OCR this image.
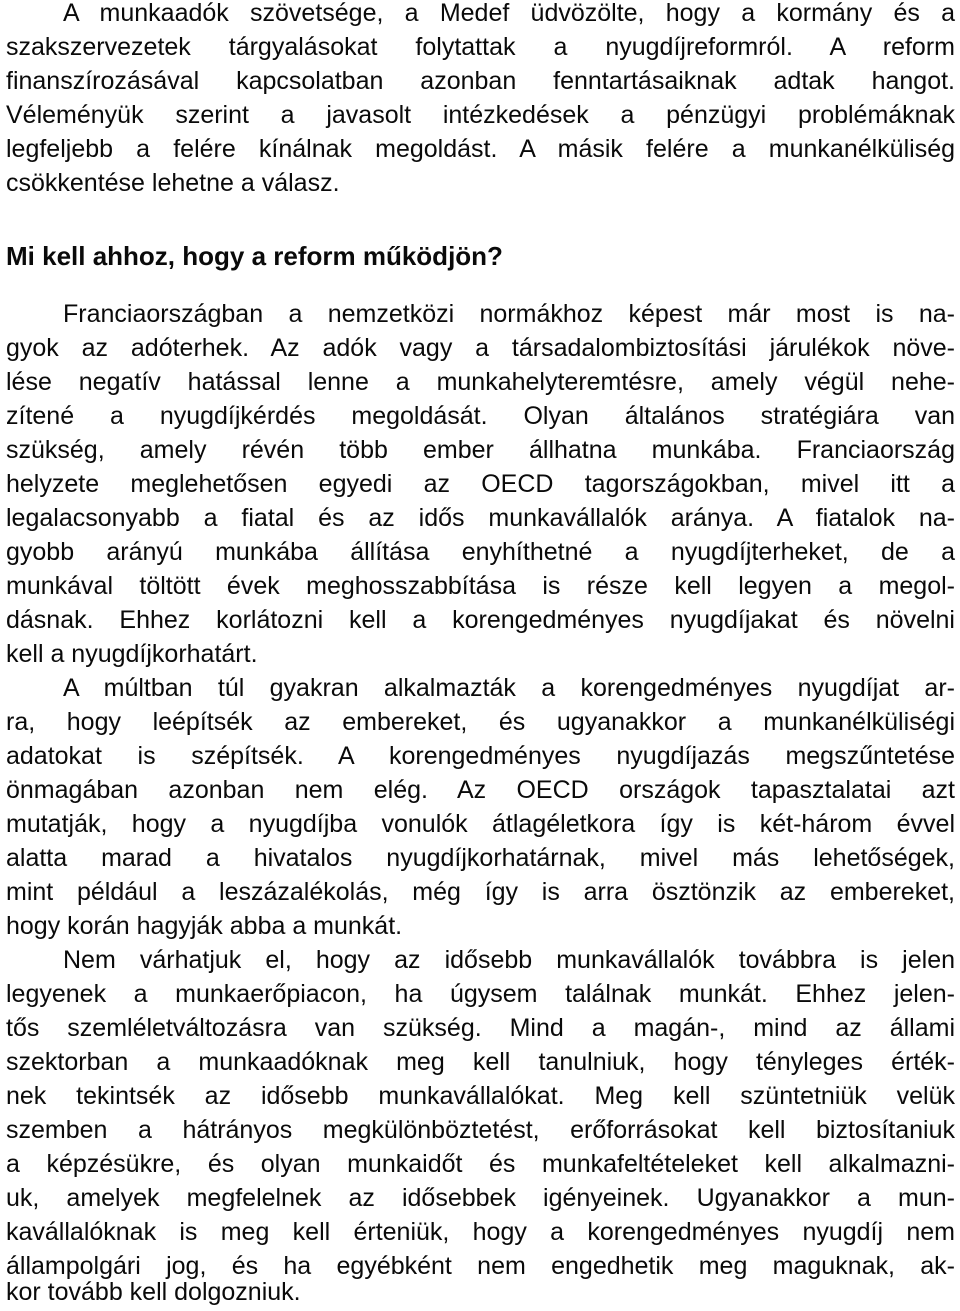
A munkaadók szövetsége, a Medef üdvözölte, hogy a kormány és a
szakszervezetek tárgyalásokat folytattak a nyugdíjreformról. A reform
finanszírozásával kapcsolatban azonban fenntartásaiknak adtak hangot.
Véleményük szerint a javasolt intézkedések a pénzügyi problémáknak
legfeljebb a felére kínálnak megoldást. A másik felére a munkanélküliség
csökkentése lehetne a válasz.
Mi kell ahhoz, hogy a reform működjön?
Franciaországban a nemzetközi normákhoz képest már most is na-
gyok az adóterhek. Az adók vagy a társadalombiztosítási járulékok növe-
lése negatív hatással lenne a munkahelyteremtésre, amely végül nehe-
zítené a nyugdíjkérdés megoldását. Olyan általános stratégiára van
szükség, amely révén több ember állhatna munkába. Franciaország
helyzete meglehetősen egyedi az OECD tagországokban, mivel itt a
legalacsonyabb a fiatal és az idős munkavállalók aránya. A fiatalok na-
gyobb arányú munkába állítása enyhíthetné a nyugdíjterheket, de a
munkával töltött évek meghosszabbítása is része kell legyen a megol-
dásnak. Ehhez korlátozni kell a korengedményes nyugdíjakat és növelni
kell a nyugdíjkorhatárt.
A múltban túl gyakran alkalmazták a korengedményes nyugdíjat ar-
ra, hogy leépítsék az embereket, és ugyanakkor a munkanélküliségi
adatokat is szépítsék. A korengedményes nyugdíjazás megszűntetése
önmagában azonban nem elég. Az OECD országok tapasztalatai azt
mutatják, hogy a nyugdíjba vonulók átlagéletkora így is két-három évvel
alatta marad a hivatalos nyugdíjkorhatárnak, mivel más lehetőségek,
mint például a leszázalékolás, még így is arra ösztönzik az embereket,
hogy korán hagyják abba a munkát.
Nem várhatjuk el, hogy az idősebb munkavállalók továbbra is jelen
legyenek a munkaerőpiacon, ha úgysem találnak munkát. Ehhez jelen-
tős szemléletváltozásra van szükség. Mind a magán-, mind az állami
szektorban a munkaadóknak meg kell tanulniuk, hogy tényleges érték-
nek tekintsék az idősebb munkavállalókat. Meg kell szüntetniük velük
szemben a hátrányos megkülönböztetést, erőforrásokat kell biztosítaniuk
a képzésükre, és olyan munkaidőt és munkafeltételeket kell alkalmazni-
uk, amelyek megfelelnek az idősebbek igényeinek. Ugyanakkor a mun-
kavállalóknak is meg kell érteniük, hogy a korengedményes nyugdíj nem
állampolgári jog, és ha egyébként nem engedhetik meg maguknak, ak-
kor tovább kell dolgozniuk.
